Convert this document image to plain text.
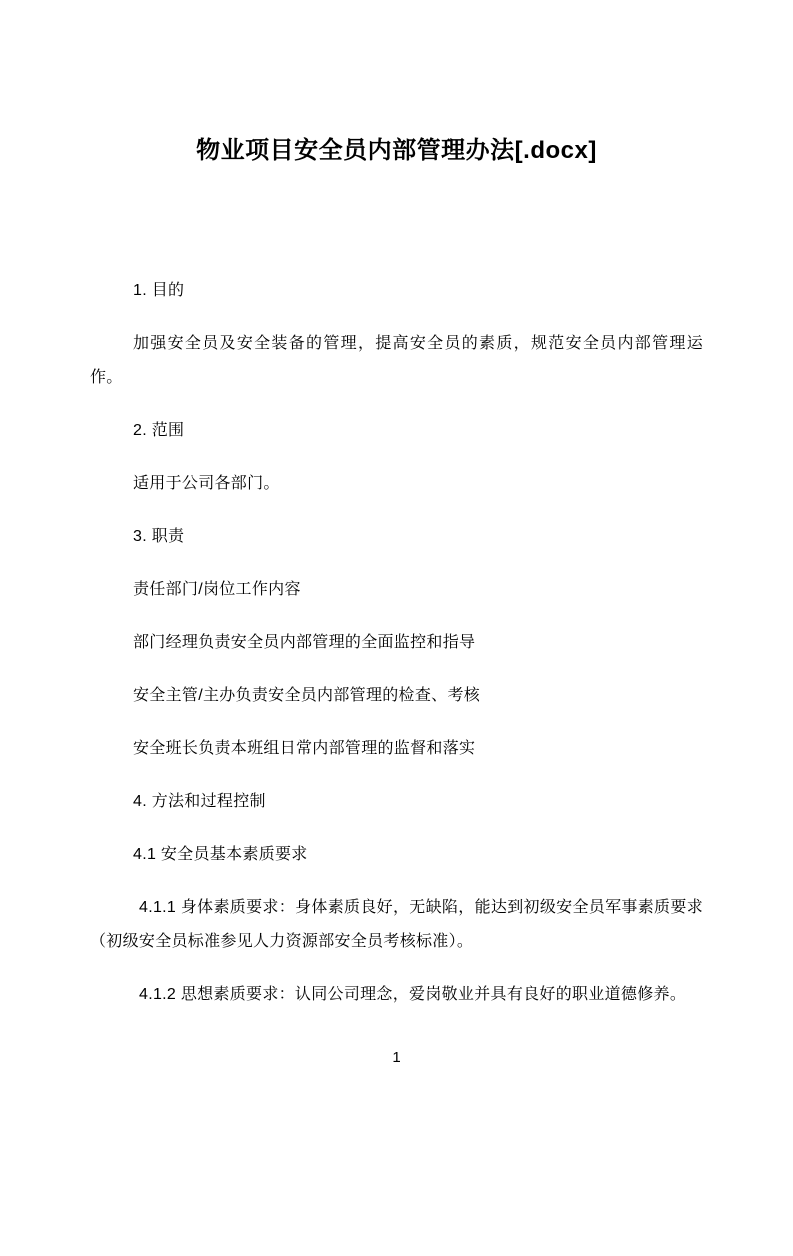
物业项目安全员内部管理办法[.docx]

1. 目的

加强安全员及安全装备的管理，提高安全员的素质，规范安全员内部管理运作。

2. 范围

适用于公司各部门。

3. 职责

责任部门/岗位工作内容

部门经理负责安全员内部管理的全面监控和指导

安全主管/主办负责安全员内部管理的检查、考核

安全班长负责本班组日常内部管理的监督和落实

4. 方法和过程控制

4.1 安全员基本素质要求

4.1.1 身体素质要求：身体素质良好，无缺陷，能达到初级安全员军事素质要求（初级安全员标准参见人力资源部安全员考核标准）。

4.1.2 思想素质要求：认同公司理念，爱岗敬业并具有良好的职业道德修养。

1
